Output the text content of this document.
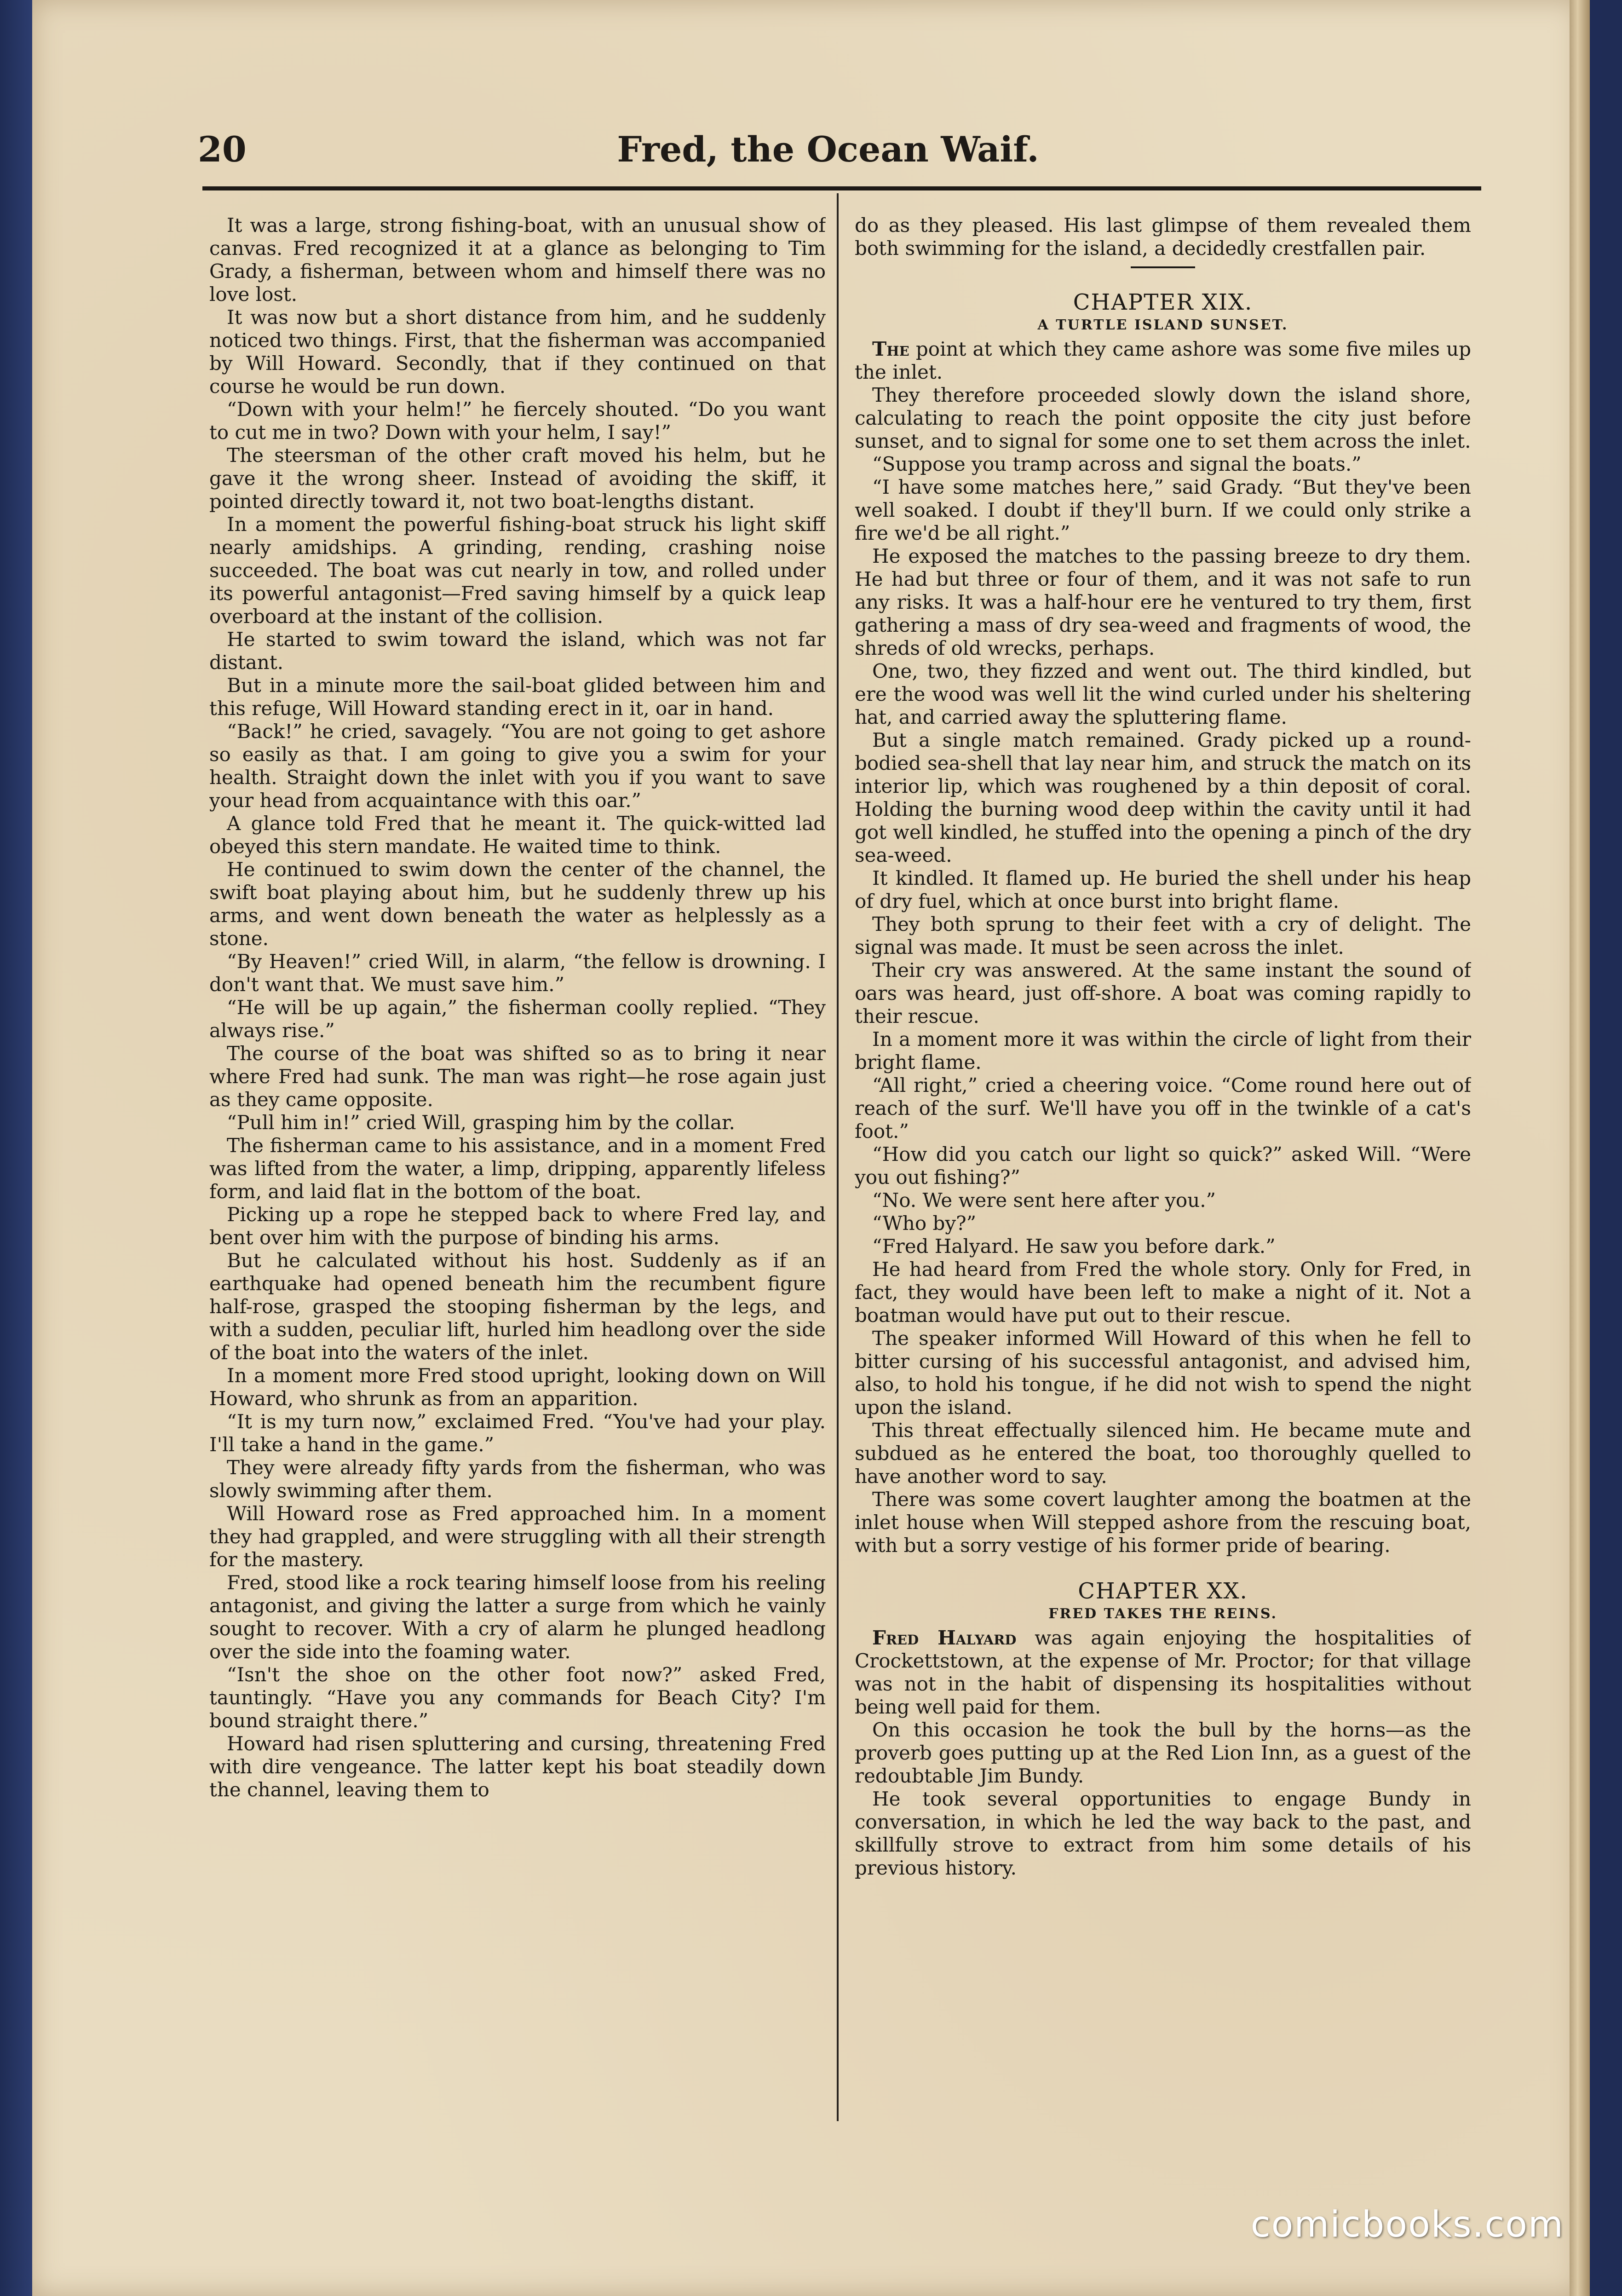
20	Fred, the Ocean Waif.

It was a large, strong fishing-boat, with an unusual show of canvas. Fred recognized it at a glance as belonging to Tim Grady, a fisherman, between whom and himself there was no love lost.

It was now but a short distance from him, and he suddenly noticed two things. First, that the fisherman was accompanied by Will Howard. Secondly, that if they continued on that course he would be run down.

“Down with your helm!” he fiercely shouted. “Do you want to cut me in two? Down with your helm, I say!”

The steersman of the other craft moved his helm, but he gave it the wrong sheer. Instead of avoiding the skiff, it pointed directly toward it, not two boat-lengths distant.

In a moment the powerful fishing-boat struck his light skiff nearly amidships. A grinding, rending, crashing noise succeeded. The boat was cut nearly in tow, and rolled under its powerful antagonist—Fred saving himself by a quick leap overboard at the instant of the collision.

He started to swim toward the island, which was not far distant.

But in a minute more the sail-boat glided between him and this refuge, Will Howard standing erect in it, oar in hand.

“Back!” he cried, savagely. “You are not going to get ashore so easily as that. I am going to give you a swim for your health. Straight down the inlet with you if you want to save your head from acquaintance with this oar.”

A glance told Fred that he meant it. The quick-witted lad obeyed this stern mandate. He waited time to think.

He continued to swim down the center of the channel, the swift boat playing about him, but he suddenly threw up his arms, and went down beneath the water as helplessly as a stone.

“By Heaven!” cried Will, in alarm, “the fellow is drowning. I don't want that. We must save him.”

“He will be up again,” the fisherman coolly replied. “They always rise.”

The course of the boat was shifted so as to bring it near where Fred had sunk. The man was right—he rose again just as they came opposite.

“Pull him in!” cried Will, grasping him by the collar.

The fisherman came to his assistance, and in a moment Fred was lifted from the water, a limp, dripping, apparently lifeless form, and laid flat in the bottom of the boat.

Picking up a rope he stepped back to where Fred lay, and bent over him with the purpose of binding his arms.

But he calculated without his host. Suddenly as if an earthquake had opened beneath him the recumbent figure half-rose, grasped the stooping fisherman by the legs, and with a sudden, peculiar lift, hurled him headlong over the side of the boat into the waters of the inlet.

In a moment more Fred stood upright, looking down on Will Howard, who shrunk as from an apparition.

“It is my turn now,” exclaimed Fred. “You've had your play. I'll take a hand in the game.”

They were already fifty yards from the fisherman, who was slowly swimming after them.

Will Howard rose as Fred approached him. In a moment they had grappled, and were struggling with all their strength for the mastery.

Fred, stood like a rock tearing himself loose from his reeling antagonist, and giving the latter a surge from which he vainly sought to recover. With a cry of alarm he plunged headlong over the side into the foaming water.

“Isn't the shoe on the other foot now?” asked Fred, tauntingly. “Have you any commands for Beach City? I'm bound straight there.”

Howard had risen spluttering and cursing, threatening Fred with dire vengeance. The latter kept his boat steadily down the channel, leaving them to

do as they pleased. His last glimpse of them revealed them both swimming for the island, a decidedly crestfallen pair.

CHAPTER XIX.
A TURTLE ISLAND SUNSET.

The point at which they came ashore was some five miles up the inlet.

They therefore proceeded slowly down the island shore, calculating to reach the point opposite the city just before sunset, and to signal for some one to set them across the inlet.

“Suppose you tramp across and signal the boats.”

“I have some matches here,” said Grady. “But they've been well soaked. I doubt if they'll burn. If we could only strike a fire we'd be all right.”

He exposed the matches to the passing breeze to dry them. He had but three or four of them, and it was not safe to run any risks. It was a half-hour ere he ventured to try them, first gathering a mass of dry sea-weed and fragments of wood, the shreds of old wrecks, perhaps.

One, two, they fizzed and went out. The third kindled, but ere the wood was well lit the wind curled under his sheltering hat, and carried away the spluttering flame.

But a single match remained. Grady picked up a round-bodied sea-shell that lay near him, and struck the match on its interior lip, which was roughened by a thin deposit of coral. Holding the burning wood deep within the cavity until it had got well kindled, he stuffed into the opening a pinch of the dry sea-weed.

It kindled. It flamed up. He buried the shell under his heap of dry fuel, which at once burst into bright flame.

They both sprung to their feet with a cry of delight. The signal was made. It must be seen across the inlet.

Their cry was answered. At the same instant the sound of oars was heard, just off-shore. A boat was coming rapidly to their rescue.

In a moment more it was within the circle of light from their bright flame.

“All right,” cried a cheering voice. “Come round here out of reach of the surf. We'll have you off in the twinkle of a cat's foot.”

“How did you catch our light so quick?” asked Will. “Were you out fishing?”

“No. We were sent here after you.”

“Who by?”

“Fred Halyard. He saw you before dark.”

He had heard from Fred the whole story. Only for Fred, in fact, they would have been left to make a night of it. Not a boatman would have put out to their rescue.

The speaker informed Will Howard of this when he fell to bitter cursing of his successful antagonist, and advised him, also, to hold his tongue, if he did not wish to spend the night upon the island.

This threat effectually silenced him. He became mute and subdued as he entered the boat, too thoroughly quelled to have another word to say.

There was some covert laughter among the boatmen at the inlet house when Will stepped ashore from the rescuing boat, with but a sorry vestige of his former pride of bearing.

CHAPTER XX.
FRED TAKES THE REINS.

Fred Halyard was again enjoying the hospitalities of Crockettstown, at the expense of Mr. Proctor; for that village was not in the habit of dispensing its hospitalities without being well paid for them.

On this occasion he took the bull by the horns—as the proverb goes putting up at the Red Lion Inn, as a guest of the redoubtable Jim Bundy.

He took several opportunities to engage Bundy in conversation, in which he led the way back to the past, and skillfully strove to extract from him some details of his previous history.

comicbooks.com
